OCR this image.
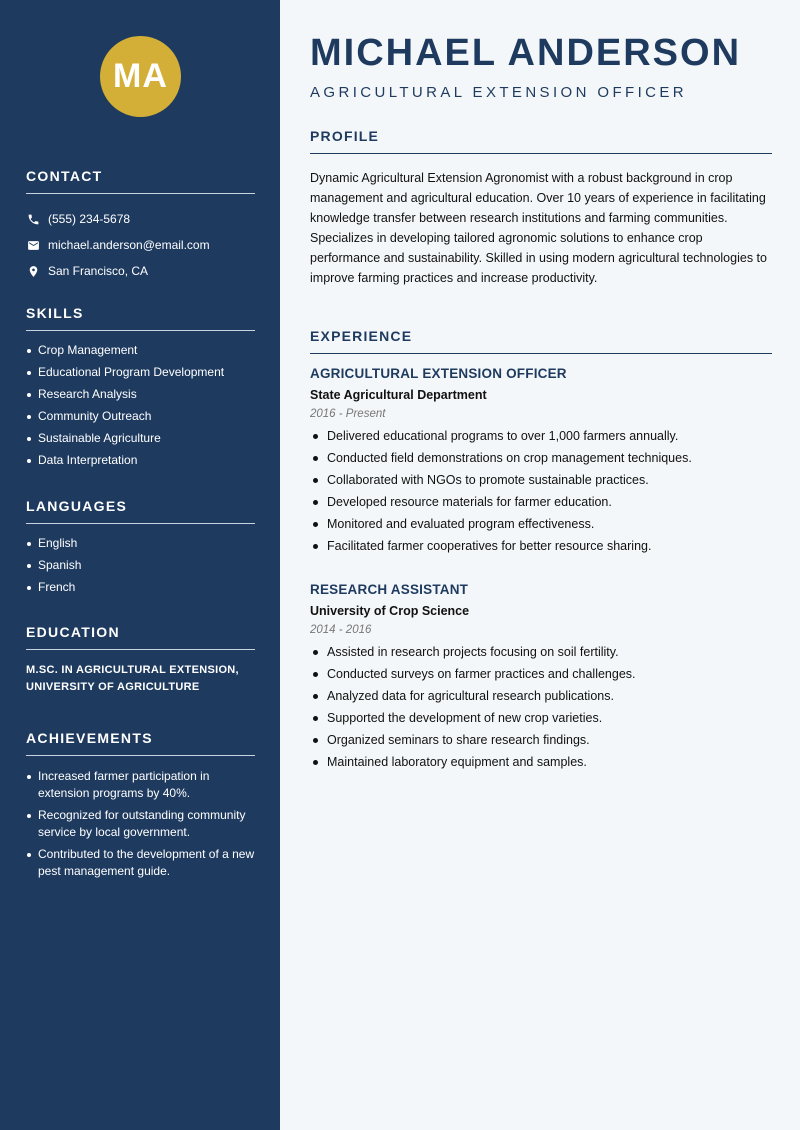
MA
CONTACT
(555) 234-5678
michael.anderson@email.com
San Francisco, CA
SKILLS
Crop Management
Educational Program Development
Research Analysis
Community Outreach
Sustainable Agriculture
Data Interpretation
LANGUAGES
English
Spanish
French
EDUCATION
M.SC. IN AGRICULTURAL EXTENSION,
UNIVERSITY OF AGRICULTURE
ACHIEVEMENTS
Increased farmer participation in extension programs by 40%.
Recognized for outstanding community service by local government.
Contributed to the development of a new pest management guide.
MICHAEL ANDERSON
AGRICULTURAL EXTENSION OFFICER
PROFILE

Dynamic Agricultural Extension Agronomist with a robust background in crop management and agricultural education. Over 10 years of experience in facilitating knowledge transfer between research institutions and farming communities. Specializes in developing tailored agronomic solutions to enhance crop performance and sustainability. Skilled in using modern agricultural technologies to improve farming practices and increase productivity.

EXPERIENCE
AGRICULTURAL EXTENSION OFFICER
State Agricultural Department
2016 - Present
Delivered educational programs to over 1,000 farmers annually.
Conducted field demonstrations on crop management techniques.
Collaborated with NGOs to promote sustainable practices.
Developed resource materials for farmer education.
Monitored and evaluated program effectiveness.
Facilitated farmer cooperatives for better resource sharing.
RESEARCH ASSISTANT
University of Crop Science
2014 - 2016
Assisted in research projects focusing on soil fertility.
Conducted surveys on farmer practices and challenges.
Analyzed data for agricultural research publications.
Supported the development of new crop varieties.
Organized seminars to share research findings.
Maintained laboratory equipment and samples.
